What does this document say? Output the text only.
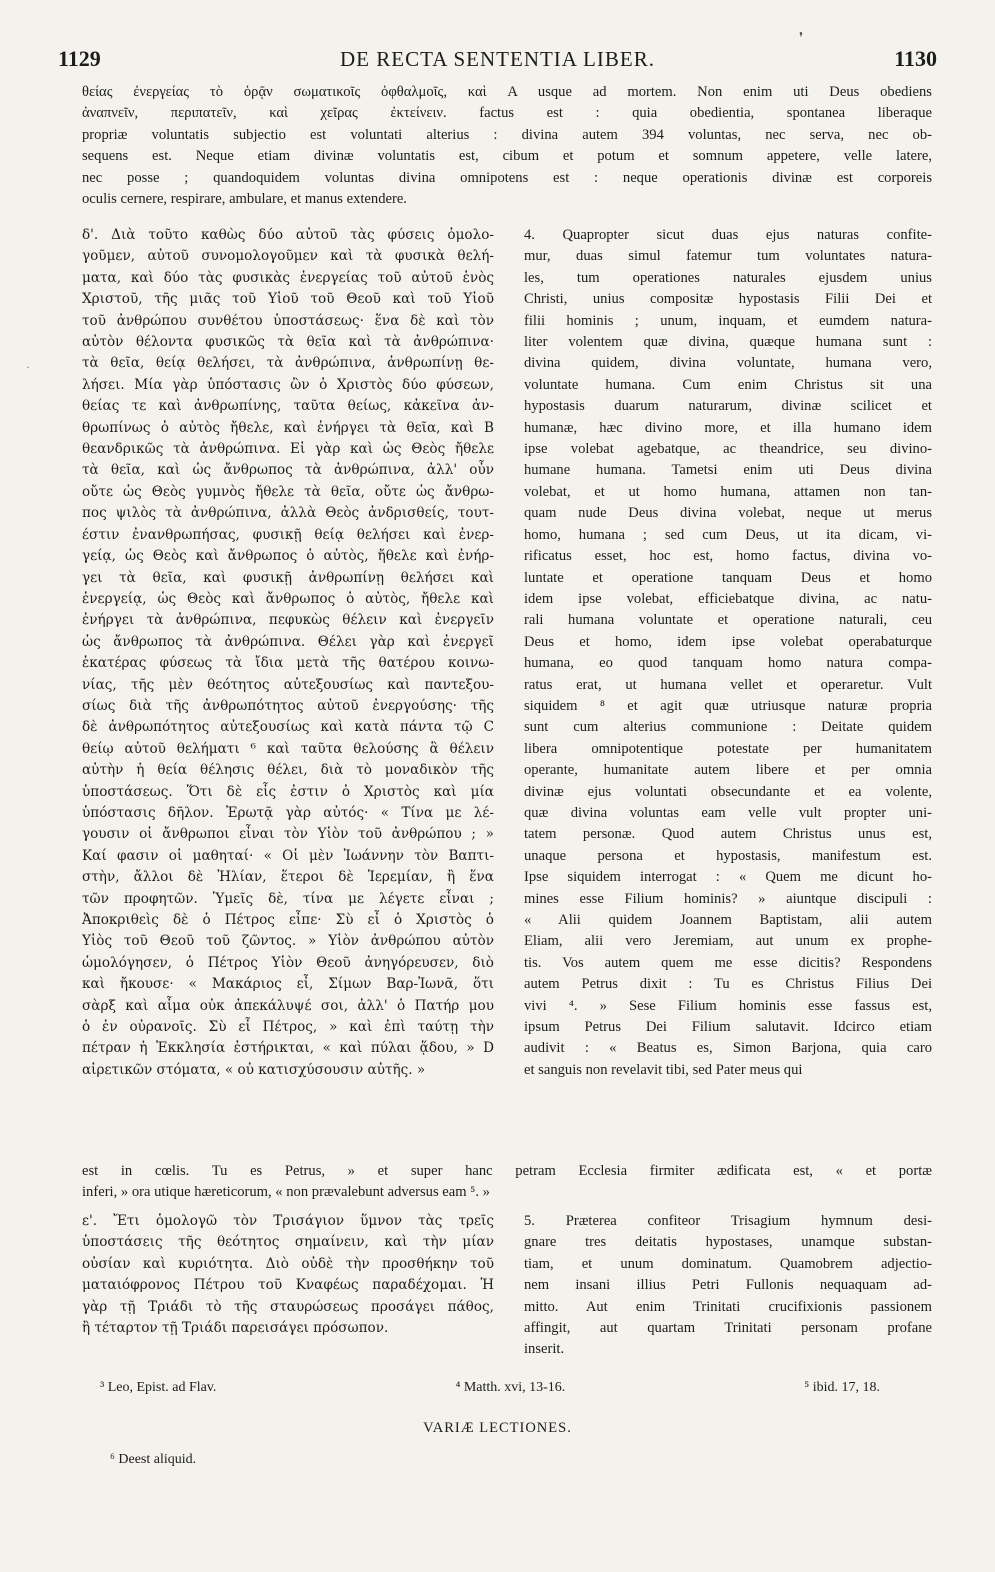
❜
·
1129	DE RECTA SENTENTIA LIBER.	1130
θείας ἐνεργείας τὸ ὁρᾷν σωματικοῖς ὀφθαλμοῖς, καὶ A usque ad mortem. Non enim uti Deus obediens
ἀναπνεῖν, περιπατεῖν, καὶ χεῖρας ἐκτείνειν. factus est : quia obedientia, spontanea liberaque
propriæ voluntatis subjectio est voluntati alterius : divina autem 394 voluntas, nec serva, nec ob-
sequens est. Neque etiam divinæ voluntatis est, cibum et potum et somnum appetere, velle latere,
nec posse ; quandoquidem voluntas divina omnipotens est : neque operationis divinæ est corporeis
oculis cernere, respirare, ambulare, et manus extendere.
δ'. Διὰ τοῦτο καθὼς δύο αὐτοῦ τὰς φύσεις ὁμολο-
γοῦμεν, αὐτοῦ συνομολογοῦμεν καὶ τὰ φυσικὰ θελή-
ματα, καὶ δύο τὰς φυσικὰς ἐνεργείας τοῦ αὐτοῦ ἑνὸς
Χριστοῦ, τῆς μιᾶς τοῦ Υἱοῦ τοῦ Θεοῦ καὶ τοῦ Υἱοῦ
τοῦ ἀνθρώπου συνθέτου ὑποστάσεως· ἕνα δὲ καὶ τὸν
αὐτὸν θέλοντα φυσικῶς τὰ θεῖα καὶ τὰ ἀνθρώπινα·
τὰ θεῖα, θείᾳ θελήσει, τὰ ἀνθρώπινα, ἀνθρωπίνῃ θε-
λήσει. Μία γὰρ ὑπόστασις ὢν ὁ Χριστὸς δύο φύσεων,
θείας τε καὶ ἀνθρωπίνης, ταῦτα θείως, κἀκεῖνα ἀν-
θρωπίνως ὁ αὐτὸς ἤθελε, καὶ ἐνήργει τὰ θεῖα, καὶ B
θεανδρικῶς τὰ ἀνθρώπινα. Εἰ γὰρ καὶ ὡς Θεὸς ἤθελε
τὰ θεῖα, καὶ ὡς ἄνθρωπος τὰ ἀνθρώπινα, ἀλλ' οὖν
οὔτε ὡς Θεὸς γυμνὸς ἤθελε τὰ θεῖα, οὔτε ὡς ἄνθρω-
πος ψιλὸς τὰ ἀνθρώπινα, ἀλλὰ Θεὸς ἀνδρισθείς, τουτ-
έστιν ἐνανθρωπήσας, φυσικῇ θείᾳ θελήσει καὶ ἐνερ-
γείᾳ, ὡς Θεὸς καὶ ἄνθρωπος ὁ αὐτὸς, ἤθελε καὶ ἐνήρ-
γει τὰ θεῖα, καὶ φυσικῇ ἀνθρωπίνῃ θελήσει καὶ
ἐνεργείᾳ, ὡς Θεὸς καὶ ἄνθρωπος ὁ αὐτὸς, ἤθελε καὶ
ἐνήργει τὰ ἀνθρώπινα, πεφυκὼς θέλειν καὶ ἐνεργεῖν
ὡς ἄνθρωπος τὰ ἀνθρώπινα. Θέλει γὰρ καὶ ἐνεργεῖ
ἑκατέρας φύσεως τὰ ἴδια μετὰ τῆς θατέρου κοινω-
νίας, τῆς μὲν θεότητος αὐτεξουσίως καὶ παντεξου-
σίως διὰ τῆς ἀνθρωπότητος αὐτοῦ ἐνεργούσης· τῆς
δὲ ἀνθρωπότητος αὐτεξουσίως καὶ κατὰ πάντα τῷ C
θείῳ αὐτοῦ θελήματι ⁶ καὶ ταῦτα θελούσης ἃ θέλειν
αὐτὴν ἡ θεία θέλησις θέλει, διὰ τὸ μοναδικὸν τῆς
ὑποστάσεως. Ὅτι δὲ εἷς ἐστιν ὁ Χριστὸς καὶ μία
ὑπόστασις δῆλον. Ἐρωτᾷ γὰρ αὐτός· « Τίνα με λέ-
γουσιν οἱ ἄνθρωποι εἶναι τὸν Υἱὸν τοῦ ἀνθρώπου ; »
Καί φασιν οἱ μαθηταί· « Οἱ μὲν Ἰωάννην τὸν Βαπτι-
στὴν, ἄλλοι δὲ Ἠλίαν, ἕτεροι δὲ Ἱερεμίαν, ἢ ἕνα
τῶν προφητῶν. Ὑμεῖς δὲ, τίνα με λέγετε εἶναι ;
Ἀποκριθεὶς δὲ ὁ Πέτρος εἶπε· Σὺ εἶ ὁ Χριστὸς ὁ
Υἱὸς τοῦ Θεοῦ τοῦ ζῶντος. » Υἱὸν ἀνθρώπου αὐτὸν
ὡμολόγησεν, ὁ Πέτρος Υἱὸν Θεοῦ ἀνηγόρευσεν, διὸ
καὶ ἤκουσε· « Μακάριος εἶ, Σίμων Βαρ-Ἰωνᾶ, ὅτι
σὰρξ καὶ αἷμα οὐκ ἀπεκάλυψέ σοι, ἀλλ' ὁ Πατήρ μου
ὁ ἐν οὐρανοῖς. Σὺ εἶ Πέτρος, » καὶ ἐπὶ ταύτῃ τὴν
πέτραν ἡ Ἐκκλησία ἐστήρικται, « καὶ πύλαι ᾅδου, » D
αἱρετικῶν στόματα, « οὐ κατισχύσουσιν αὐτῆς. »
4. Quapropter sicut duas ejus naturas confite-
mur, duas simul fatemur tum voluntates natura-
les, tum operationes naturales ejusdem unius
Christi, unius compositæ hypostasis Filii Dei et
filii hominis ; unum, inquam, et eumdem natura-
liter volentem quæ divina, quæque humana sunt :
divina quidem, divina voluntate, humana vero,
voluntate humana. Cum enim Christus sit una
hypostasis duarum naturarum, divinæ scilicet et
humanæ, hæc divino more, et illa humano idem
ipse volebat agebatque, ac theandrice, seu divino-
humane humana. Tametsi enim uti Deus divina
volebat, et ut homo humana, attamen non tan-
quam nude Deus divina volebat, neque ut merus
homo, humana ; sed cum Deus, ut ita dicam, vi-
rificatus esset, hoc est, homo factus, divina vo-
luntate et operatione tanquam Deus et homo
idem ipse volebat, efficiebatque divina, ac natu-
rali humana voluntate et operatione naturali, ceu
Deus et homo, idem ipse volebat operabaturque
humana, eo quod tanquam homo natura compa-
ratus erat, ut humana vellet et operaretur. Vult
siquidem ⁸ et agit quæ utriusque naturæ propria
sunt cum alterius communione : Deitate quidem
libera omnipotentique potestate per humanitatem
operante, humanitate autem libere et per omnia
divinæ ejus voluntati obsecundante et ea volente,
quæ divina voluntas eam velle vult propter uni-
tatem personæ. Quod autem Christus unus est,
unaque persona et hypostasis, manifestum est.
Ipse siquidem interrogat : « Quem me dicunt ho-
mines esse Filium hominis? » aiuntque discipuli :
« Alii quidem Joannem Baptistam, alii autem
Eliam, alii vero Jeremiam, aut unum ex prophe-
tis. Vos autem quem me esse dicitis? Respondens
autem Petrus dixit : Tu es Christus Filius Dei
vivi ⁴. » Sese Filium hominis esse fassus est,
ipsum Petrus Dei Filium salutavit. Idcirco etiam
audivit : « Beatus es, Simon Barjona, quia caro
et sanguis non revelavit tibi, sed Pater meus qui
est in cœlis. Tu es Petrus, » et super hanc petram Ecclesia firmiter ædificata est, « et portæ
inferi, » ora utique hæreticorum, « non prævalebunt adversus eam ⁵. »
ε'. Ἔτι ὁμολογῶ τὸν Τρισάγιον ὕμνον τὰς τρεῖς
ὑποστάσεις τῆς θεότητος σημαίνειν, καὶ τὴν μίαν
οὐσίαν καὶ κυριότητα. Διὸ οὐδὲ τὴν προσθήκην τοῦ
ματαιόφρονος Πέτρου τοῦ Κναφέως παραδέχομαι. Ἡ
γὰρ τῇ Τριάδι τὸ τῆς σταυρώσεως προσάγει πάθος,
ἢ τέταρτον τῇ Τριάδι παρεισάγει πρόσωπον.
5. Præterea confiteor Trisagium hymnum desi-
gnare tres deitatis hypostases, unamque substan-
tiam, et unum dominatum. Quamobrem adjectio-
nem insani illius Petri Fullonis nequaquam ad-
mitto. Aut enim Trinitati crucifixionis passionem
affingit, aut quartam Trinitati personam profane
inserit.
³ Leo, Epist. ad Flav.	⁴ Matth. xvi, 13-16.	⁵ ibid. 17, 18.
VARIÆ LECTIONES.
⁶ Deest aliquid.
